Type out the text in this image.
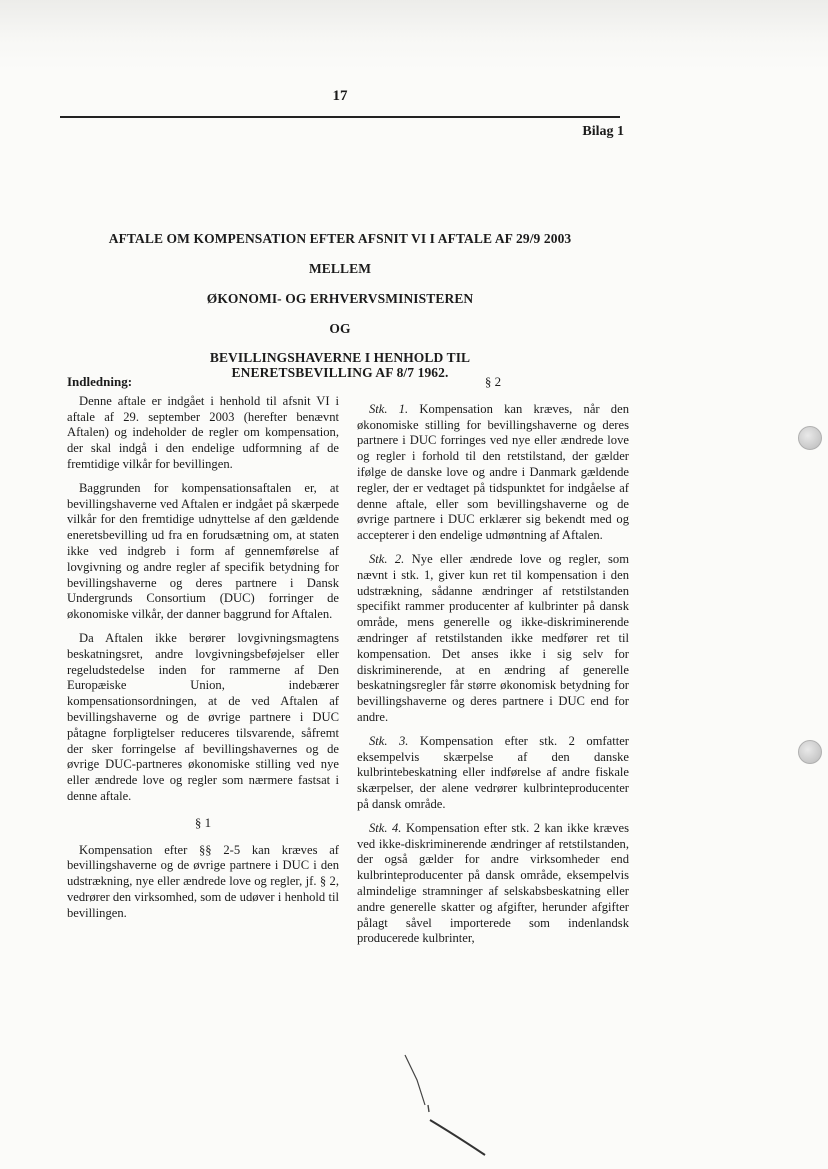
17
Bilag 1
AFTALE OM KOMPENSATION EFTER AFSNIT VI I AFTALE AF 29/9 2003
MELLEM
ØKONOMI- OG ERHVERVSMINISTEREN
OG
BEVILLINGSHAVERNE I HENHOLD TIL
ENERETSBEVILLING AF 8/7 1962.
Indledning:

Denne aftale er indgået i henhold til afsnit VI i aftale af 29. september 2003 (herefter benævnt Aftalen) og indeholder de regler om kompensation, der skal indgå i den endelige udformning af de fremtidige vilkår for bevillingen.

Baggrunden for kompensationsaftalen er, at bevillingshaverne ved Aftalen er indgået på skærpede vilkår for den fremtidige udnyttelse af den gældende eneretsbevilling ud fra en forudsætning om, at staten ikke ved indgreb i form af gennemførelse af lovgivning og andre regler af specifik betydning for bevillingshaverne og deres partnere i Dansk Undergrunds Consortium (DUC) forringer de økonomiske vilkår, der danner baggrund for Aftalen.

Da Aftalen ikke berører lovgivningsmagtens beskatningsret, andre lovgivningsbeføjelser eller regeludstedelse inden for rammerne af Den Europæiske Union, indebærer kompensationsordningen, at de ved Aftalen af bevillingshaverne og de øvrige partnere i DUC påtagne forpligtelser reduceres tilsvarende, såfremt der sker forringelse af bevillingshavernes og de øvrige DUC-partneres økonomiske stilling ved nye eller ændrede love og regler som nærmere fastsat i denne aftale.

§ 1

Kompensation efter §§ 2-5 kan kræves af bevillingshaverne og de øvrige partnere i DUC i den udstrækning, nye eller ændrede love og regler, jf. § 2, vedrører den virksomhed, som de udøver i henhold til bevillingen.

§ 2

Stk. 1. Kompensation kan kræves, når den økonomiske stilling for bevillingshaverne og deres partnere i DUC forringes ved nye eller ændrede love og regler i forhold til den retstilstand, der gælder ifølge de danske love og andre i Danmark gældende regler, der er vedtaget på tidspunktet for indgåelse af denne aftale, eller som bevillingshaverne og de øvrige partnere i DUC erklærer sig bekendt med og accepterer i den endelige udmøntning af Aftalen.

Stk. 2. Nye eller ændrede love og regler, som nævnt i stk. 1, giver kun ret til kompensation i den udstrækning, sådanne ændringer af retstilstanden specifikt rammer producenter af kulbrinter på dansk område, mens generelle og ikke-diskriminerende ændringer af retstilstanden ikke medfører ret til kompensation. Det anses ikke i sig selv for diskriminerende, at en ændring af generelle beskatningsregler får større økonomisk betydning for bevillingshaverne og deres partnere i DUC end for andre.

Stk. 3. Kompensation efter stk. 2 omfatter eksempelvis skærpelse af den danske kulbrintebeskatning eller indførelse af andre fiskale skærpelser, der alene vedrører kulbrinteproducenter på dansk område.

Stk. 4. Kompensation efter stk. 2 kan ikke kræves ved ikke-diskriminerende ændringer af retstilstanden, der også gælder for andre virksomheder end kulbrinteproducenter på dansk område, eksempelvis almindelige stramninger af selskabsbeskatning eller andre generelle skatter og afgifter, herunder afgifter pålagt såvel importerede som indenlandsk producerede kulbrinter,
